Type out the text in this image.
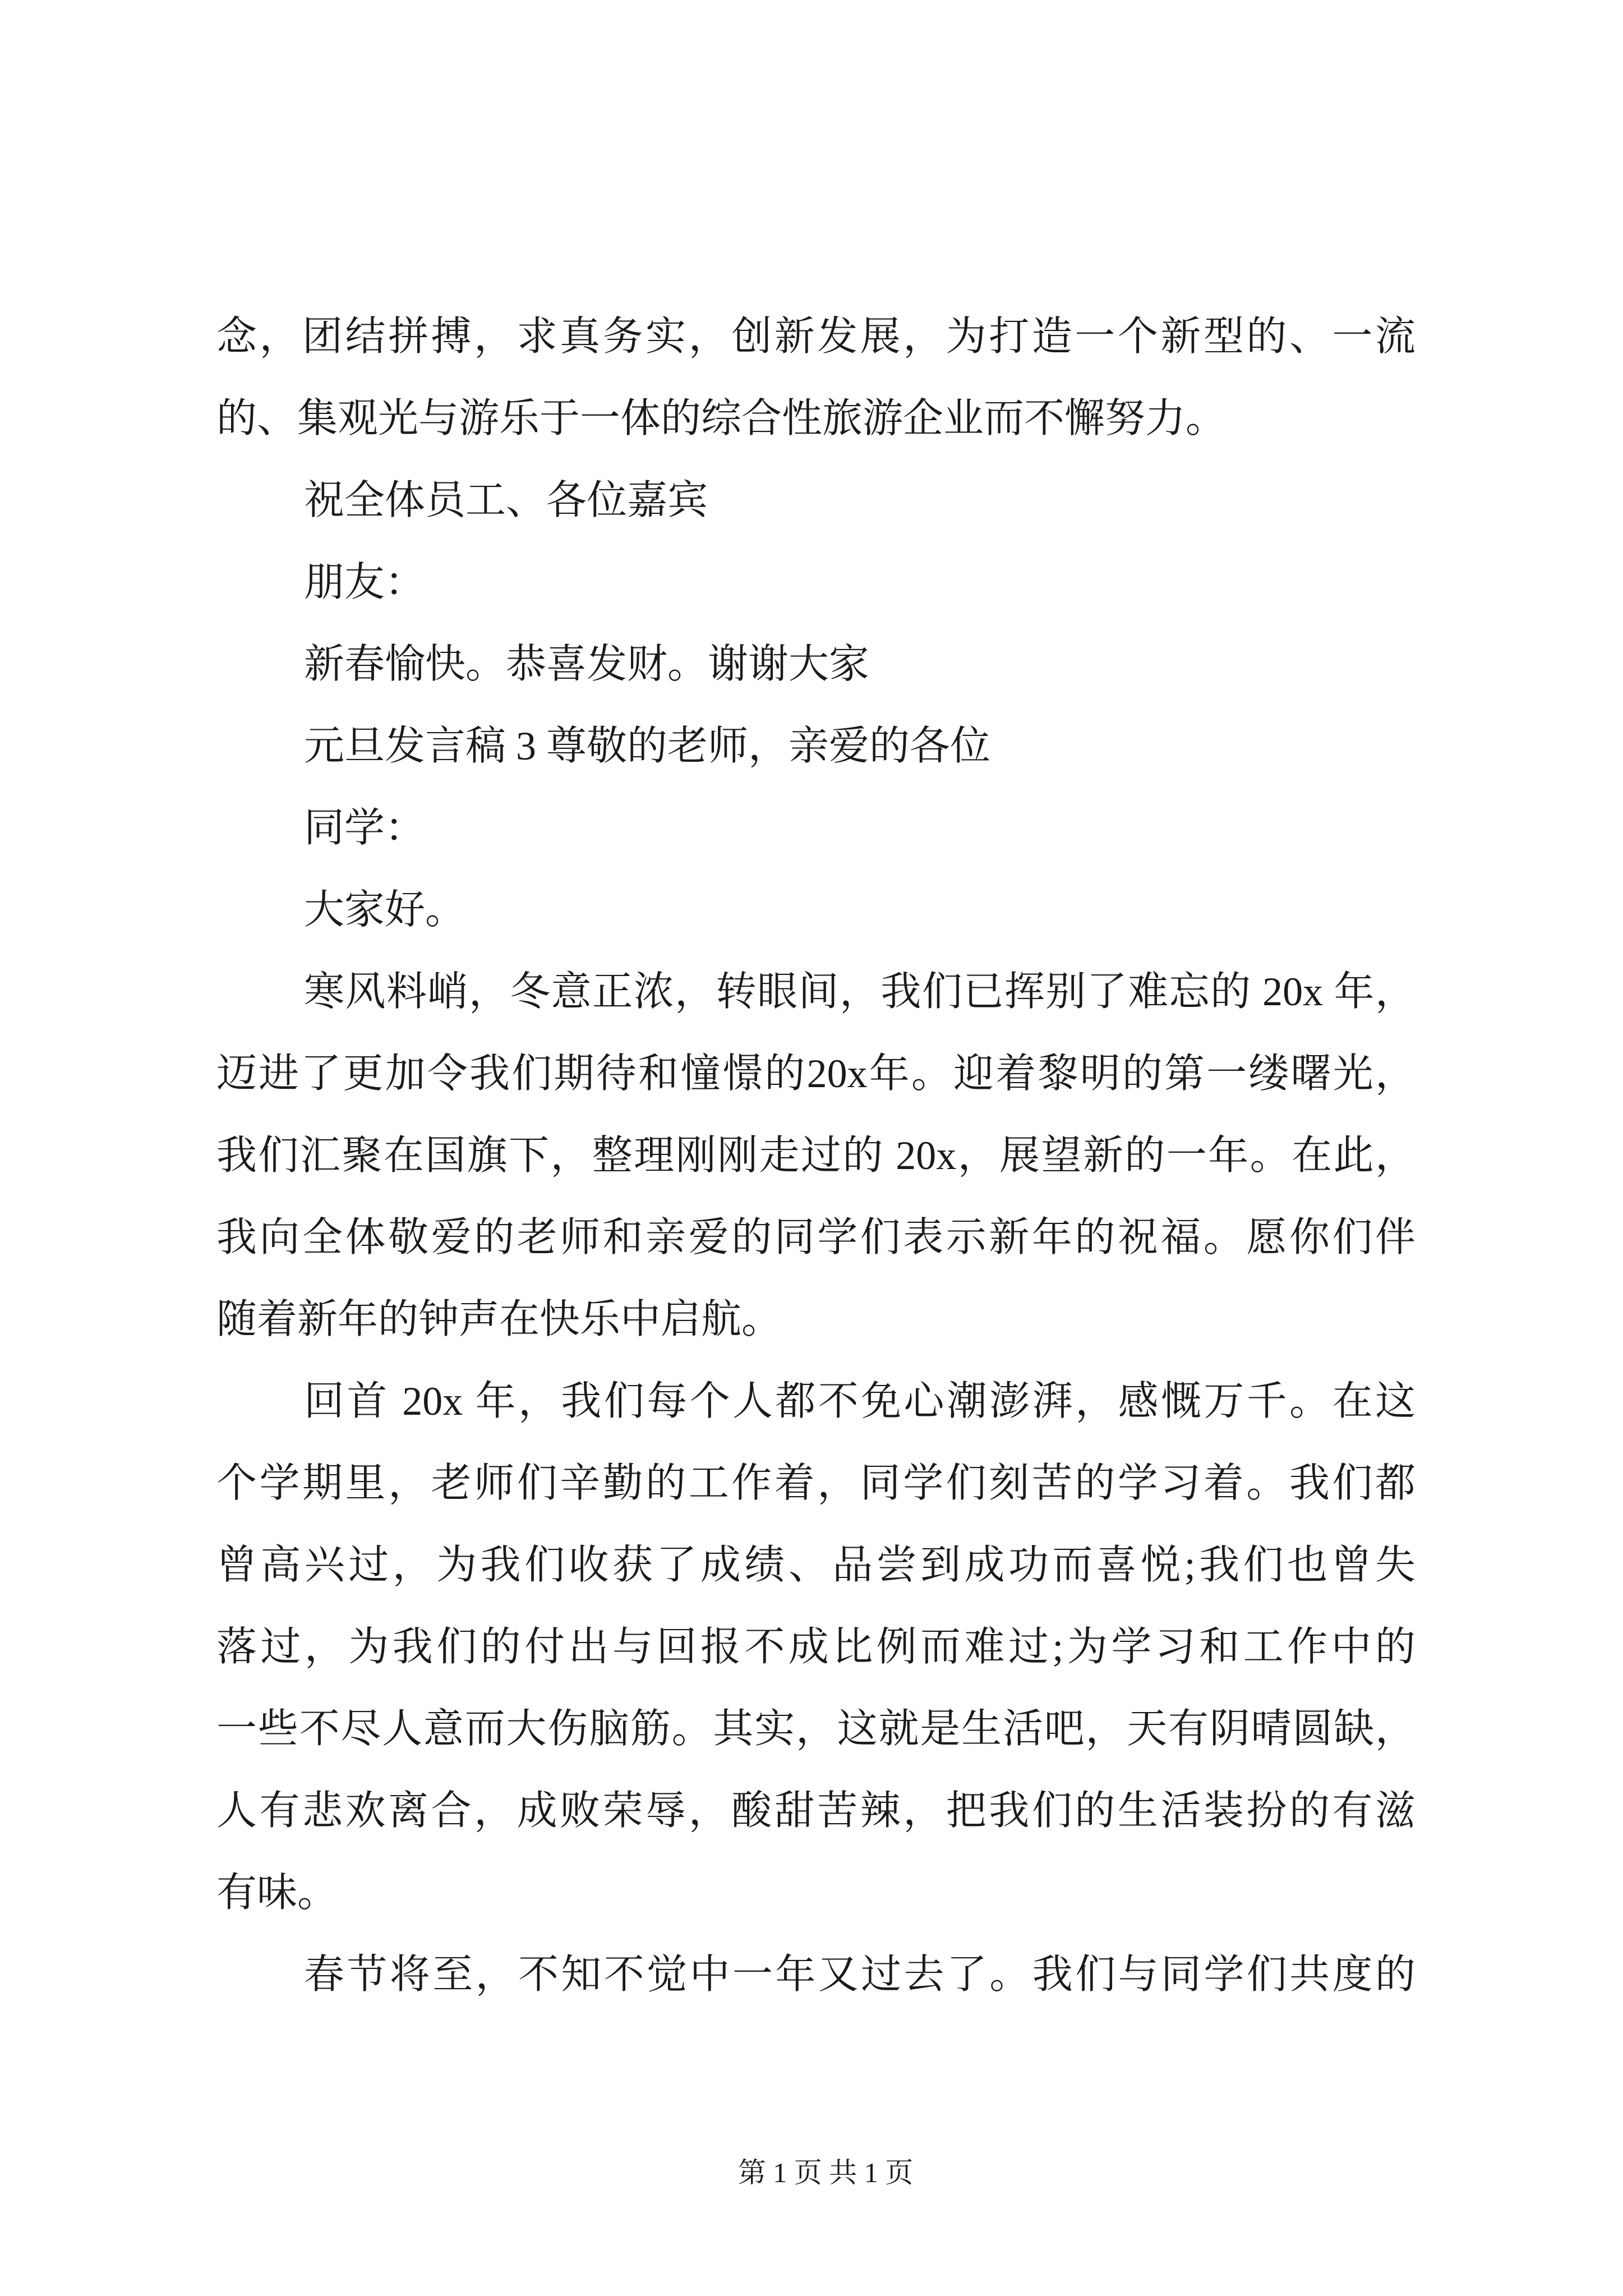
念，团结拼搏，求真务实，创新发展，为打造一个新型的、一流
的、集观光与游乐于一体的综合性旅游企业而不懈努力。
祝全体员工、各位嘉宾
朋友：
新春愉快。恭喜发财。谢谢大家
元旦发言稿 3 尊敬的老师，亲爱的各位
同学：
大家好。
寒风料峭，冬意正浓，转眼间，我们已挥别了难忘的 20x 年，
迈进了更加令我们期待和憧憬的20x年。迎着黎明的第一缕曙光，
我们汇聚在国旗下，整理刚刚走过的 20x，展望新的一年。在此，
我向全体敬爱的老师和亲爱的同学们表示新年的祝福。愿你们伴
随着新年的钟声在快乐中启航。
回首 20x 年，我们每个人都不免心潮澎湃，感慨万千。在这
个学期里，老师们辛勤的工作着，同学们刻苦的学习着。我们都
曾高兴过，为我们收获了成绩、品尝到成功而喜悦;我们也曾失
落过，为我们的付出与回报不成比例而难过;为学习和工作中的
一些不尽人意而大伤脑筋。其实，这就是生活吧，天有阴晴圆缺，
人有悲欢离合，成败荣辱，酸甜苦辣，把我们的生活装扮的有滋
有味。
春节将至，不知不觉中一年又过去了。我们与同学们共度的

第 1 页 共 1 页
